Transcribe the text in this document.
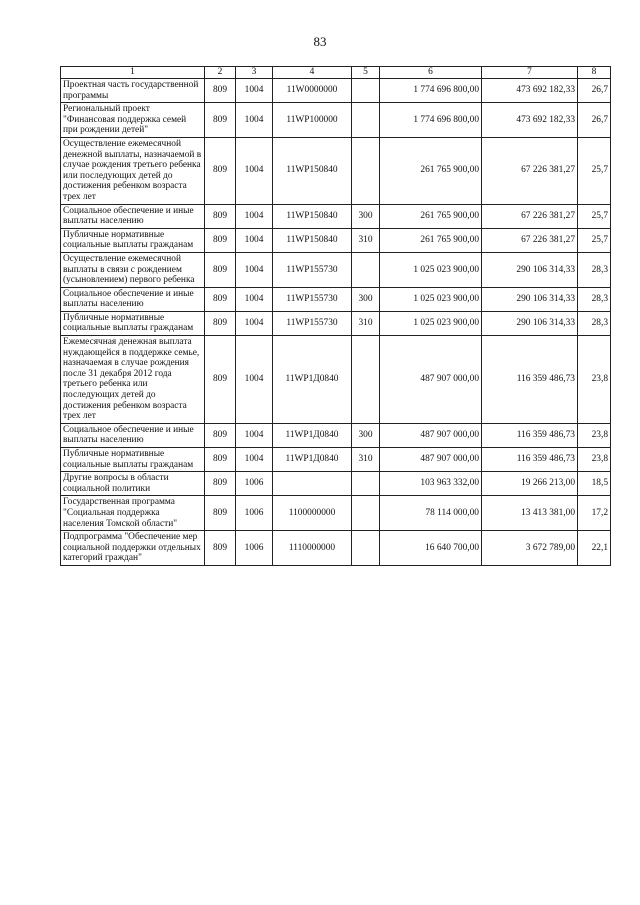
83
1	2	3	4	5	6	7	8
Проектная часть государственной программы	809	1004	11W0000000		1 774 696 800,00	473 692 182,33	26,7
Региональный проект "Финансовая поддержка семей при рождении детей"	809	1004	11WP100000		1 774 696 800,00	473 692 182,33	26,7
Осуществление ежемесячной денежной выплаты, назначаемой в случае рождения третьего ребенка или последующих детей до достижения ребенком возраста трех лет	809	1004	11WP150840		261 765 900,00	67 226 381,27	25,7
Социальное обеспечение и иные выплаты населению	809	1004	11WP150840	300	261 765 900,00	67 226 381,27	25,7
Публичные нормативные социальные выплаты гражданам	809	1004	11WP150840	310	261 765 900,00	67 226 381,27	25,7
Осуществление ежемесячной выплаты в связи с рождением (усыновлением) первого ребенка	809	1004	11WP155730		1 025 023 900,00	290 106 314,33	28,3
Социальное обеспечение и иные выплаты населению	809	1004	11WP155730	300	1 025 023 900,00	290 106 314,33	28,3
Публичные нормативные социальные выплаты гражданам	809	1004	11WP155730	310	1 025 023 900,00	290 106 314,33	28,3
Ежемесячная денежная выплата нуждающейся в поддержке семье, назначаемая в случае рождения после 31 декабря 2012 года третьего ребенка или последующих детей до достижения ребенком возраста трех лет	809	1004	11WP1Д0840		487 907 000,00	116 359 486,73	23,8
Социальное обеспечение и иные выплаты населению	809	1004	11WP1Д0840	300	487 907 000,00	116 359 486,73	23,8
Публичные нормативные социальные выплаты гражданам	809	1004	11WP1Д0840	310	487 907 000,00	116 359 486,73	23,8
Другие вопросы в области социальной политики	809	1006			103 963 332,00	19 266 213,00	18,5
Государственная программа "Социальная поддержка населения Томской области"	809	1006	1100000000		78 114 000,00	13 413 381,00	17,2
Подпрограмма "Обеспечение мер социальной поддержки отдельных категорий граждан"	809	1006	1110000000		16 640 700,00	3 672 789,00	22,1
